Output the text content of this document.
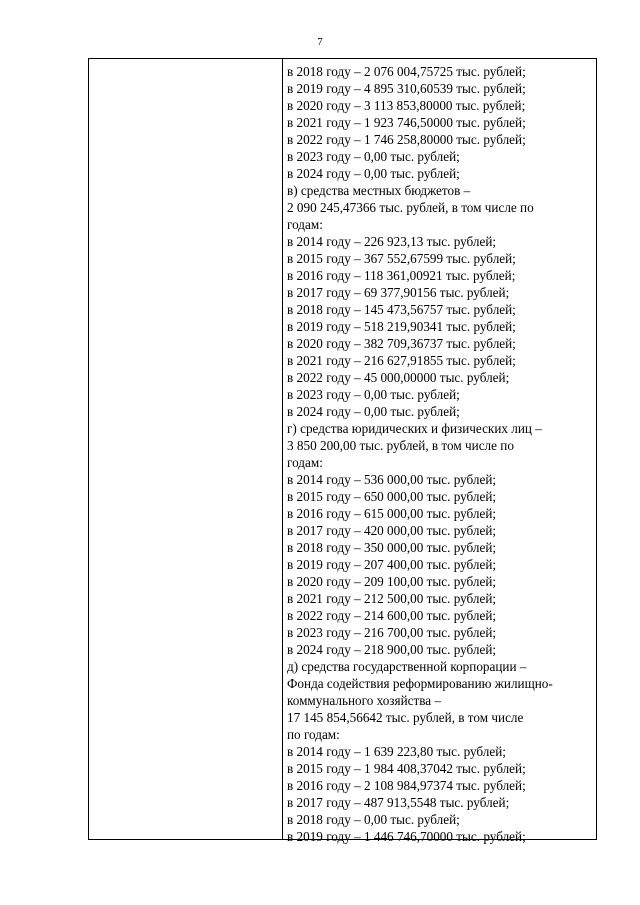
7
в 2018 году – 2 076 004,75725 тыс. рублей;
в 2019 году – 4 895 310,60539 тыс. рублей;
в 2020 году – 3 113 853,80000 тыс. рублей;
в 2021 году – 1 923 746,50000 тыс. рублей;
в 2022 году – 1 746 258,80000 тыс. рублей;
в 2023 году – 0,00 тыс. рублей;
в 2024 году – 0,00 тыс. рублей;
в) средства местных бюджетов –
2 090 245,47366 тыс. рублей, в том числе по
годам:
в 2014 году – 226 923,13 тыс. рублей;
в 2015 году – 367 552,67599 тыс. рублей;
в 2016 году – 118 361,00921 тыс. рублей;
в 2017 году – 69 377,90156 тыс. рублей;
в 2018 году – 145 473,56757 тыс. рублей;
в 2019 году – 518 219,90341 тыс. рублей;
в 2020 году – 382 709,36737 тыс. рублей;
в 2021 году – 216 627,91855 тыс. рублей;
в 2022 году – 45 000,00000 тыс. рублей;
в 2023 году – 0,00 тыс. рублей;
в 2024 году – 0,00 тыс. рублей;
г) средства юридических и физических лиц –
3 850 200,00 тыс. рублей, в том числе по
годам:
в 2014 году – 536 000,00 тыс. рублей;
в 2015 году – 650 000,00 тыс. рублей;
в 2016 году – 615 000,00 тыс. рублей;
в 2017 году – 420 000,00 тыс. рублей;
в 2018 году – 350 000,00 тыс. рублей;
в 2019 году – 207 400,00 тыс. рублей;
в 2020 году – 209 100,00 тыс. рублей;
в 2021 году – 212 500,00 тыс. рублей;
в 2022 году – 214 600,00 тыс. рублей;
в 2023 году – 216 700,00 тыс. рублей;
в 2024 году – 218 900,00 тыс. рублей;
д) средства государственной корпорации –
Фонда содействия реформированию жилищно-
коммунального хозяйства –
17 145 854,56642 тыс. рублей, в том числе
по годам:
в 2014 году – 1 639 223,80 тыс. рублей;
в 2015 году – 1 984 408,37042 тыс. рублей;
в 2016 году – 2 108 984,97374 тыс. рублей;
в 2017 году – 487 913,5548 тыс. рублей;
в 2018 году – 0,00 тыс. рублей;
в 2019 году – 1 446 746,70000 тыс. рублей;
